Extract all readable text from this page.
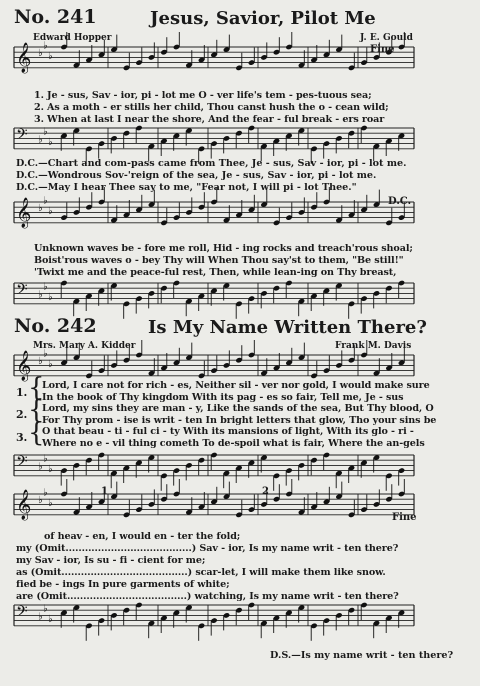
𝄞 ♭
♭
♭
𝄢 ♭
♭
♭
𝄞 ♭
♭
♭
𝄢 ♭
♭
♭
𝄞 ♭
♭
♭
𝄢 ♭
♭
♭
𝄞 ♭
♭
♭
𝄢 ♭
♭
♭
No. 241	Jesus, Savior, Pilot Me
Edward Hopper	J. E. Gould
Fine
1. Je - sus, Sav - ior, pi - lot me O - ver life's tem - pes-tuous sea;
2. As a moth - er stills her child, Thou canst hush the o - cean wild;
3. When at last I near the shore, And the fear - ful break - ers roar
D.C.—Chart and com-pass came from Thee, Je - sus, Sav - ior, pi - lot me.
D.C.—Wondrous Sov-'reign of the sea, Je - sus, Sav - ior, pi - lot me.
D.C.—May I hear Thee say to me, "Fear not, I will pi - lot Thee."
D.C.
Unknown waves be - fore me roll, Hid - ing rocks and treach'rous shoal;
Boist'rous waves o - bey Thy will When Thou say'st to them, "Be still!"
'Twixt me and the peace-ful rest, Then, while lean-ing on Thy breast,
No. 242	Is My Name Written There?
Mrs. Mary A. Kidder	Frank M. Davis
1.
2.
3.
{
{
{
Lord, I care not for rich - es, Neither sil - ver nor gold, I would make sure
In the book of Thy kingdom With its pag - es so fair, Tell me, Je - sus
Lord, my sins they are man - y, Like the sands of the sea, But Thy blood, O
For Thy prom - ise is writ - ten In bright letters that glow, Tho your sins be
O that beau - ti - ful ci - ty With its mansions of light, With its glo - ri -
Where no e - vil thing cometh To de-spoil what is fair, Where the an-gels
1	2
Fine
of heav - en, I would en - ter the fold;
my (Omit.......................................) Sav - ior, Is my name writ - ten there?
my Sav - ior, Is su - fi - cient for me;
as (Omit.......................................) scar-let, I will make them like snow.
fied be - ings In pure garments of white;
are (Omit.....................................) watching, Is my name writ - ten there?
D.S.—Is my name writ - ten there?
